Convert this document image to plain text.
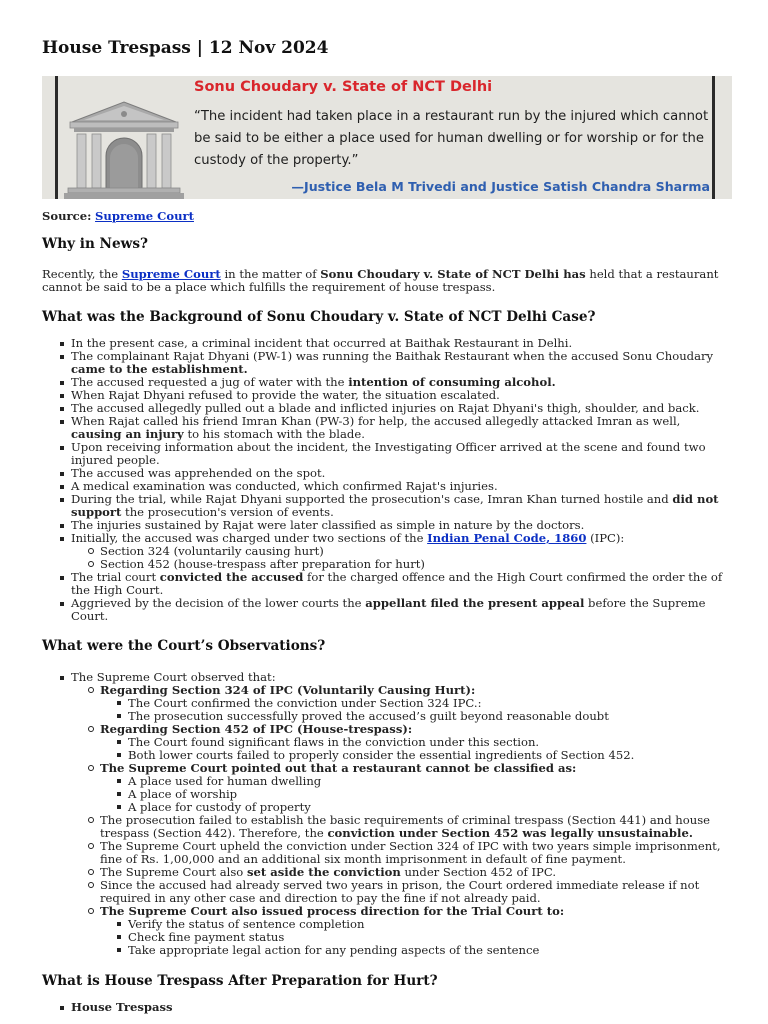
House Trespass | 12 Nov 2024
Sonu Choudary v. State of NCT Delhi
“The incident had taken place in a restaurant run by the injured which cannot be said to be either a place used for human dwelling or for worship or for the custody of the property.”
—Justice Bela M Trivedi and Justice Satish Chandra Sharma
Source: Supreme Court
Why in News?

Recently, the Supreme Court in the matter of Sonu Choudary v. State of NCT Delhi has held that a restaurant cannot be said to be a place which fulfills the requirement of house trespass.

What was the Background of Sonu Choudary v. State of NCT Delhi Case?
In the present case, a criminal incident that occurred at Baithak Restaurant in Delhi.
The complainant Rajat Dhyani (PW-1) was running the Baithak Restaurant when the accused Sonu Choudary came to the establishment.
The accused requested a jug of water with the intention of consuming alcohol.
When Rajat Dhyani refused to provide the water, the situation escalated.
The accused allegedly pulled out a blade and inflicted injuries on Rajat Dhyani's thigh, shoulder, and back.
When Rajat called his friend Imran Khan (PW-3) for help, the accused allegedly attacked Imran as well, causing an injury to his stomach with the blade.
Upon receiving information about the incident, the Investigating Officer arrived at the scene and found two injured people.
The accused was apprehended on the spot.
A medical examination was conducted, which confirmed Rajat's injuries.
During the trial, while Rajat Dhyani supported the prosecution's case, Imran Khan turned hostile and did not support the prosecution's version of events.
The injuries sustained by Rajat were later classified as simple in nature by the doctors.
Initially, the accused was charged under two sections of the Indian Penal Code, 1860 (IPC):
Section 324 (voluntarily causing hurt)
Section 452 (house-trespass after preparation for hurt)
The trial court convicted the accused for the charged offence and the High Court confirmed the order the of the High Court.
Aggrieved by the decision of the lower courts the appellant filed the present appeal before the Supreme Court.
What were the Court’s Observations?
The Supreme Court observed that:
Regarding Section 324 of IPC (Voluntarily Causing Hurt):
The Court confirmed the conviction under Section 324 IPC.:
The prosecution successfully proved the accused’s guilt beyond reasonable doubt
Regarding Section 452 of IPC (House-trespass):
The Court found significant flaws in the conviction under this section.
Both lower courts failed to properly consider the essential ingredients of Section 452.
The Supreme Court pointed out that a restaurant cannot be classified as:
A place used for human dwelling
A place of worship
A place for custody of property
The prosecution failed to establish the basic requirements of criminal trespass (Section 441) and house trespass (Section 442). Therefore, the conviction under Section 452 was legally unsustainable.
The Supreme Court upheld the conviction under Section 324 of IPC with two years simple imprisonment, fine of Rs. 1,00,000 and an additional six month imprisonment in default of fine payment.
The Supreme Court also set aside the conviction under Section 452 of IPC.
Since the accused had already served two years in prison, the Court ordered immediate release if not required in any other case and direction to pay the fine if not already paid.
The Supreme Court also issued process direction for the Trial Court to:
Verify the status of sentence completion
Check fine payment status
Take appropriate legal action for any pending aspects of the sentence
What is House Trespass After Preparation for Hurt?
House Trespass
